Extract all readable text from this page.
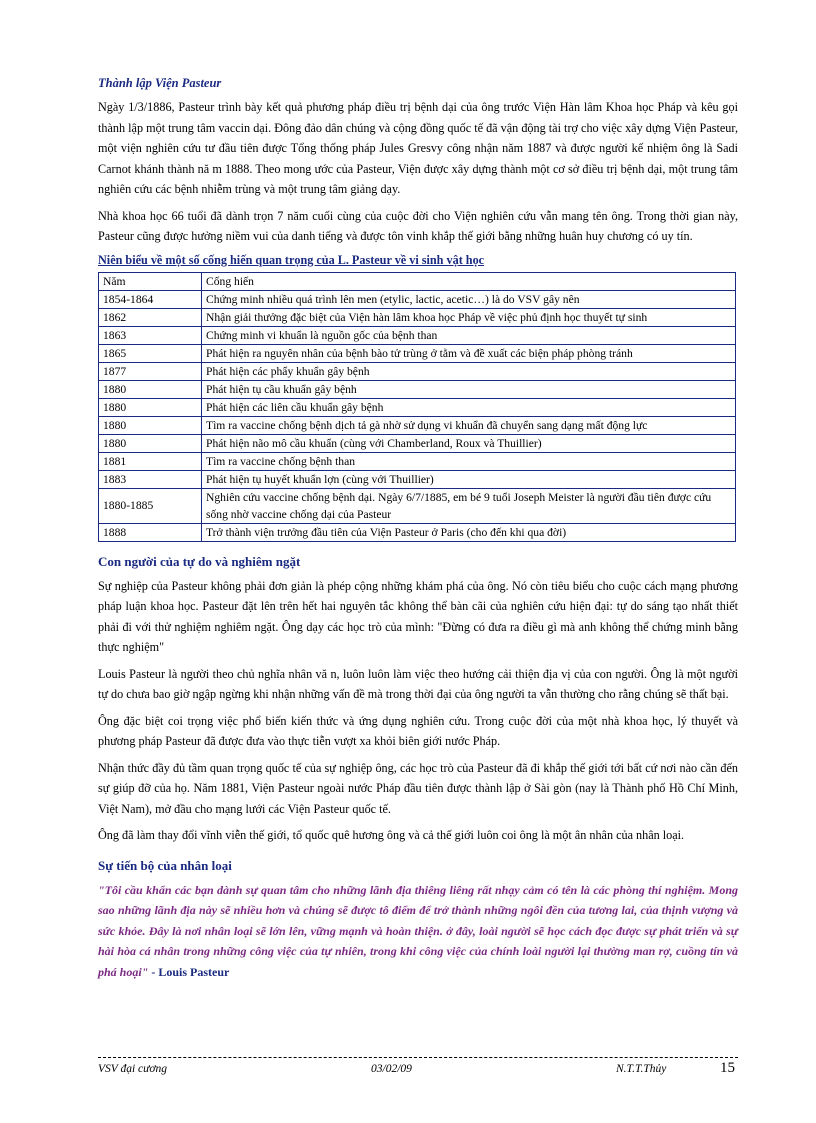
Thành lập Viện Pasteur

Ngày 1/3/1886, Pasteur trình bày kết quả phương pháp điều trị bệnh dại của ông trước Viện Hàn lâm Khoa học Pháp và kêu gọi thành lập một trung tâm vaccin dại. Đông đảo dân chúng và cộng đồng quốc tế đã vận động tài trợ cho việc xây dựng Viện Pasteur, một viện nghiên cứu tư đầu tiên được Tổng thống pháp Jules Gresvy công nhận năm 1887 và được người kế nhiệm ông là Sadi Carnot khánh thành nă m 1888. Theo mong ước của Pasteur, Viện được xây dựng thành một cơ sở điều trị bệnh dại, một trung tâm nghiên cứu các bệnh nhiễm trùng và một trung tâm giảng dạy.

Nhà khoa học 66 tuổi đã dành trọn 7 năm cuối cùng của cuộc đời cho Viện nghiên cứu vẫn mang tên ông. Trong thời gian này, Pasteur cũng được hưởng niềm vui của danh tiếng và được tôn vinh khắp thế giới bằng những huân huy chương có uy tín.

Niên biểu về một số cống hiến quan trọng của L. Pasteur về vi sinh vật học
Năm	Cống hiến
1854-1864	Chứng minh nhiều quá trình lên men (etylic, lactic, acetic…) là do VSV gây nên
1862	Nhận giải thưởng đặc biệt của Viện hàn lâm khoa học Pháp về việc phủ định học thuyết tự sinh
1863	Chứng minh vi khuẩn là nguồn gốc của bệnh than
1865	Phát hiện ra nguyên nhân của bệnh bào tử trùng ở tằm và đề xuất các biện pháp phòng tránh
1877	Phát hiện các phẩy khuẩn gây bệnh
1880	Phát hiện tụ cầu khuẩn gây bệnh
1880	Phát hiện các liên cầu khuẩn gây bệnh
1880	Tìm ra vaccine chống bệnh dịch tả gà nhờ sử dụng vi khuẩn đã chuyển sang dạng mất động lực
1880	Phát hiện não mô cầu khuẩn (cùng với Chamberland, Roux và Thuillier)
1881	Tìm ra vaccine chống bệnh than
1883	Phát hiện tụ huyết khuẩn lợn (cùng với Thuillier)
1880-1885	Nghiên cứu vaccine chống bệnh dại. Ngày 6/7/1885, em bé 9 tuổi Joseph Meister là người đầu tiên được cứu sống nhờ vaccine chống dại của Pasteur
1888	Trở thành viện trưởng đầu tiên của Viện Pasteur ở Paris (cho đến khi qua đời)
Con người của tự do và nghiêm ngặt

Sự nghiệp của Pasteur không phải đơn giản là phép cộng những khám phá của ông. Nó còn tiêu biểu cho cuộc cách mạng phương pháp luận khoa học. Pasteur đặt lên trên hết hai nguyên tắc không thể bàn cãi của nghiên cứu hiện đại: tự do sáng tạo nhất thiết phải đi với thử nghiệm nghiêm ngặt. Ông dạy các học trò của mình: "Đừng có đưa ra điều gì mà anh không thể chứng minh bằng thực nghiệm"

Louis Pasteur là người theo chủ nghĩa nhân vă n, luôn luôn làm việc theo hướng cải thiện địa vị của con người. Ông là một người tự do chưa bao giờ ngập ngừng khi nhận những vấn đề mà trong thời đại của ông người ta vẫn thường cho rằng chúng sẽ thất bại.

Ông đặc biệt coi trọng việc phổ biến kiến thức và ứng dụng nghiên cứu. Trong cuộc đời của một nhà khoa học, lý thuyết và phương pháp Pasteur đã được đưa vào thực tiễn vượt xa khỏi biên giới nước Pháp.

Nhận thức đầy đủ tầm quan trọng quốc tế của sự nghiệp ông, các học trò của Pasteur đã đi khắp thế giới tới bất cứ nơi nào cần đến sự giúp đỡ của họ. Năm 1881, Viện Pasteur ngoài nước Pháp đầu tiên được thành lập ở Sài gòn (nay là Thành phố Hồ Chí Minh, Việt Nam), mở đầu cho mạng lưới các Viện Pasteur quốc tế.

Ông đã làm thay đổi vĩnh viễn thế giới, tổ quốc quê hương ông và cả thế giới luôn coi ông là một ân nhân của nhân loại.

Sự tiến bộ của nhân loại

"Tôi cầu khẩn các bạn dành sự quan tâm cho những lãnh địa thiêng liêng rất nhạy cảm có tên là các phòng thí nghiệm. Mong sao những lãnh địa này sẽ nhiều hơn và chúng sẽ được tô điểm để trở thành những ngôi đền của tương lai, của thịnh vượng và sức khỏe. Đây là nơi nhân loại sẽ lớn lên, vững mạnh và hoàn thiện. ở đây, loài người sẽ học cách đọc được sự phát triển và sự hài hòa cá nhân trong những công việc của tự nhiên, trong khi công việc của chính loài người lại thường man rợ, cuồng tín và phá hoại" - Louis Pasteur

VSV đại cương	03/02/09	N.T.T.Thủy	15
